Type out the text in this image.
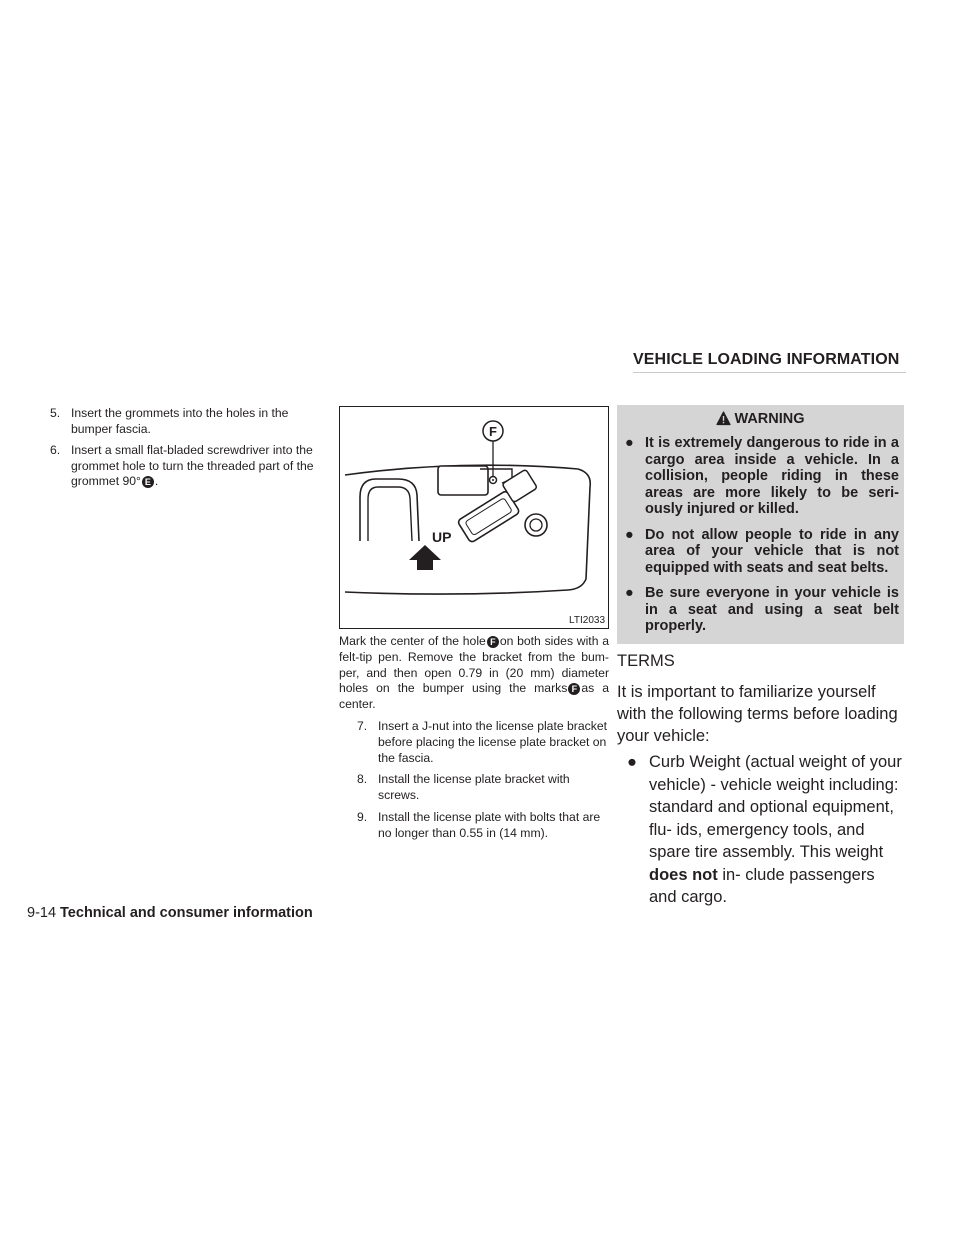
VEHICLE LOADING INFORMATION
5. Insert the grommets into the holes in the bumper fascia.
6. Insert a small flat-bladed screwdriver into the grommet hole to turn the threaded part of the grommet 90° E .
F
UP
LTI2033

Mark the center of the hole F on both sides with a felt-tip pen. Remove the bracket from the bum- per, and then open 0.79 in (20 mm) diameter holes on the bumper using the marks F as a center.

7. Insert a J-nut into the license plate bracket before placing the license plate bracket on the fascia.
8. Install the license plate bracket with screws.
9. Install the license plate with bolts that are no longer than 0.55 in (14 mm).
WARNING
● It is extremely dangerous to ride in a cargo area inside a vehicle. In a collision, people riding in these areas are more likely to be seri- ously injured or killed.
● Do not allow people to ride in any area of your vehicle that is not equipped with seats and seat belts.
● Be sure everyone in your vehicle is in a seat and using a seat belt properly.
TERMS
It is important to familiarize yourself with the following terms before loading your vehicle:
● Curb Weight (actual weight of your vehicle) - vehicle weight including: standard and optional equipment, flu- ids, emergency tools, and spare tire assembly. This weight does not in- clude passengers and cargo.
9-14 Technical and consumer information
